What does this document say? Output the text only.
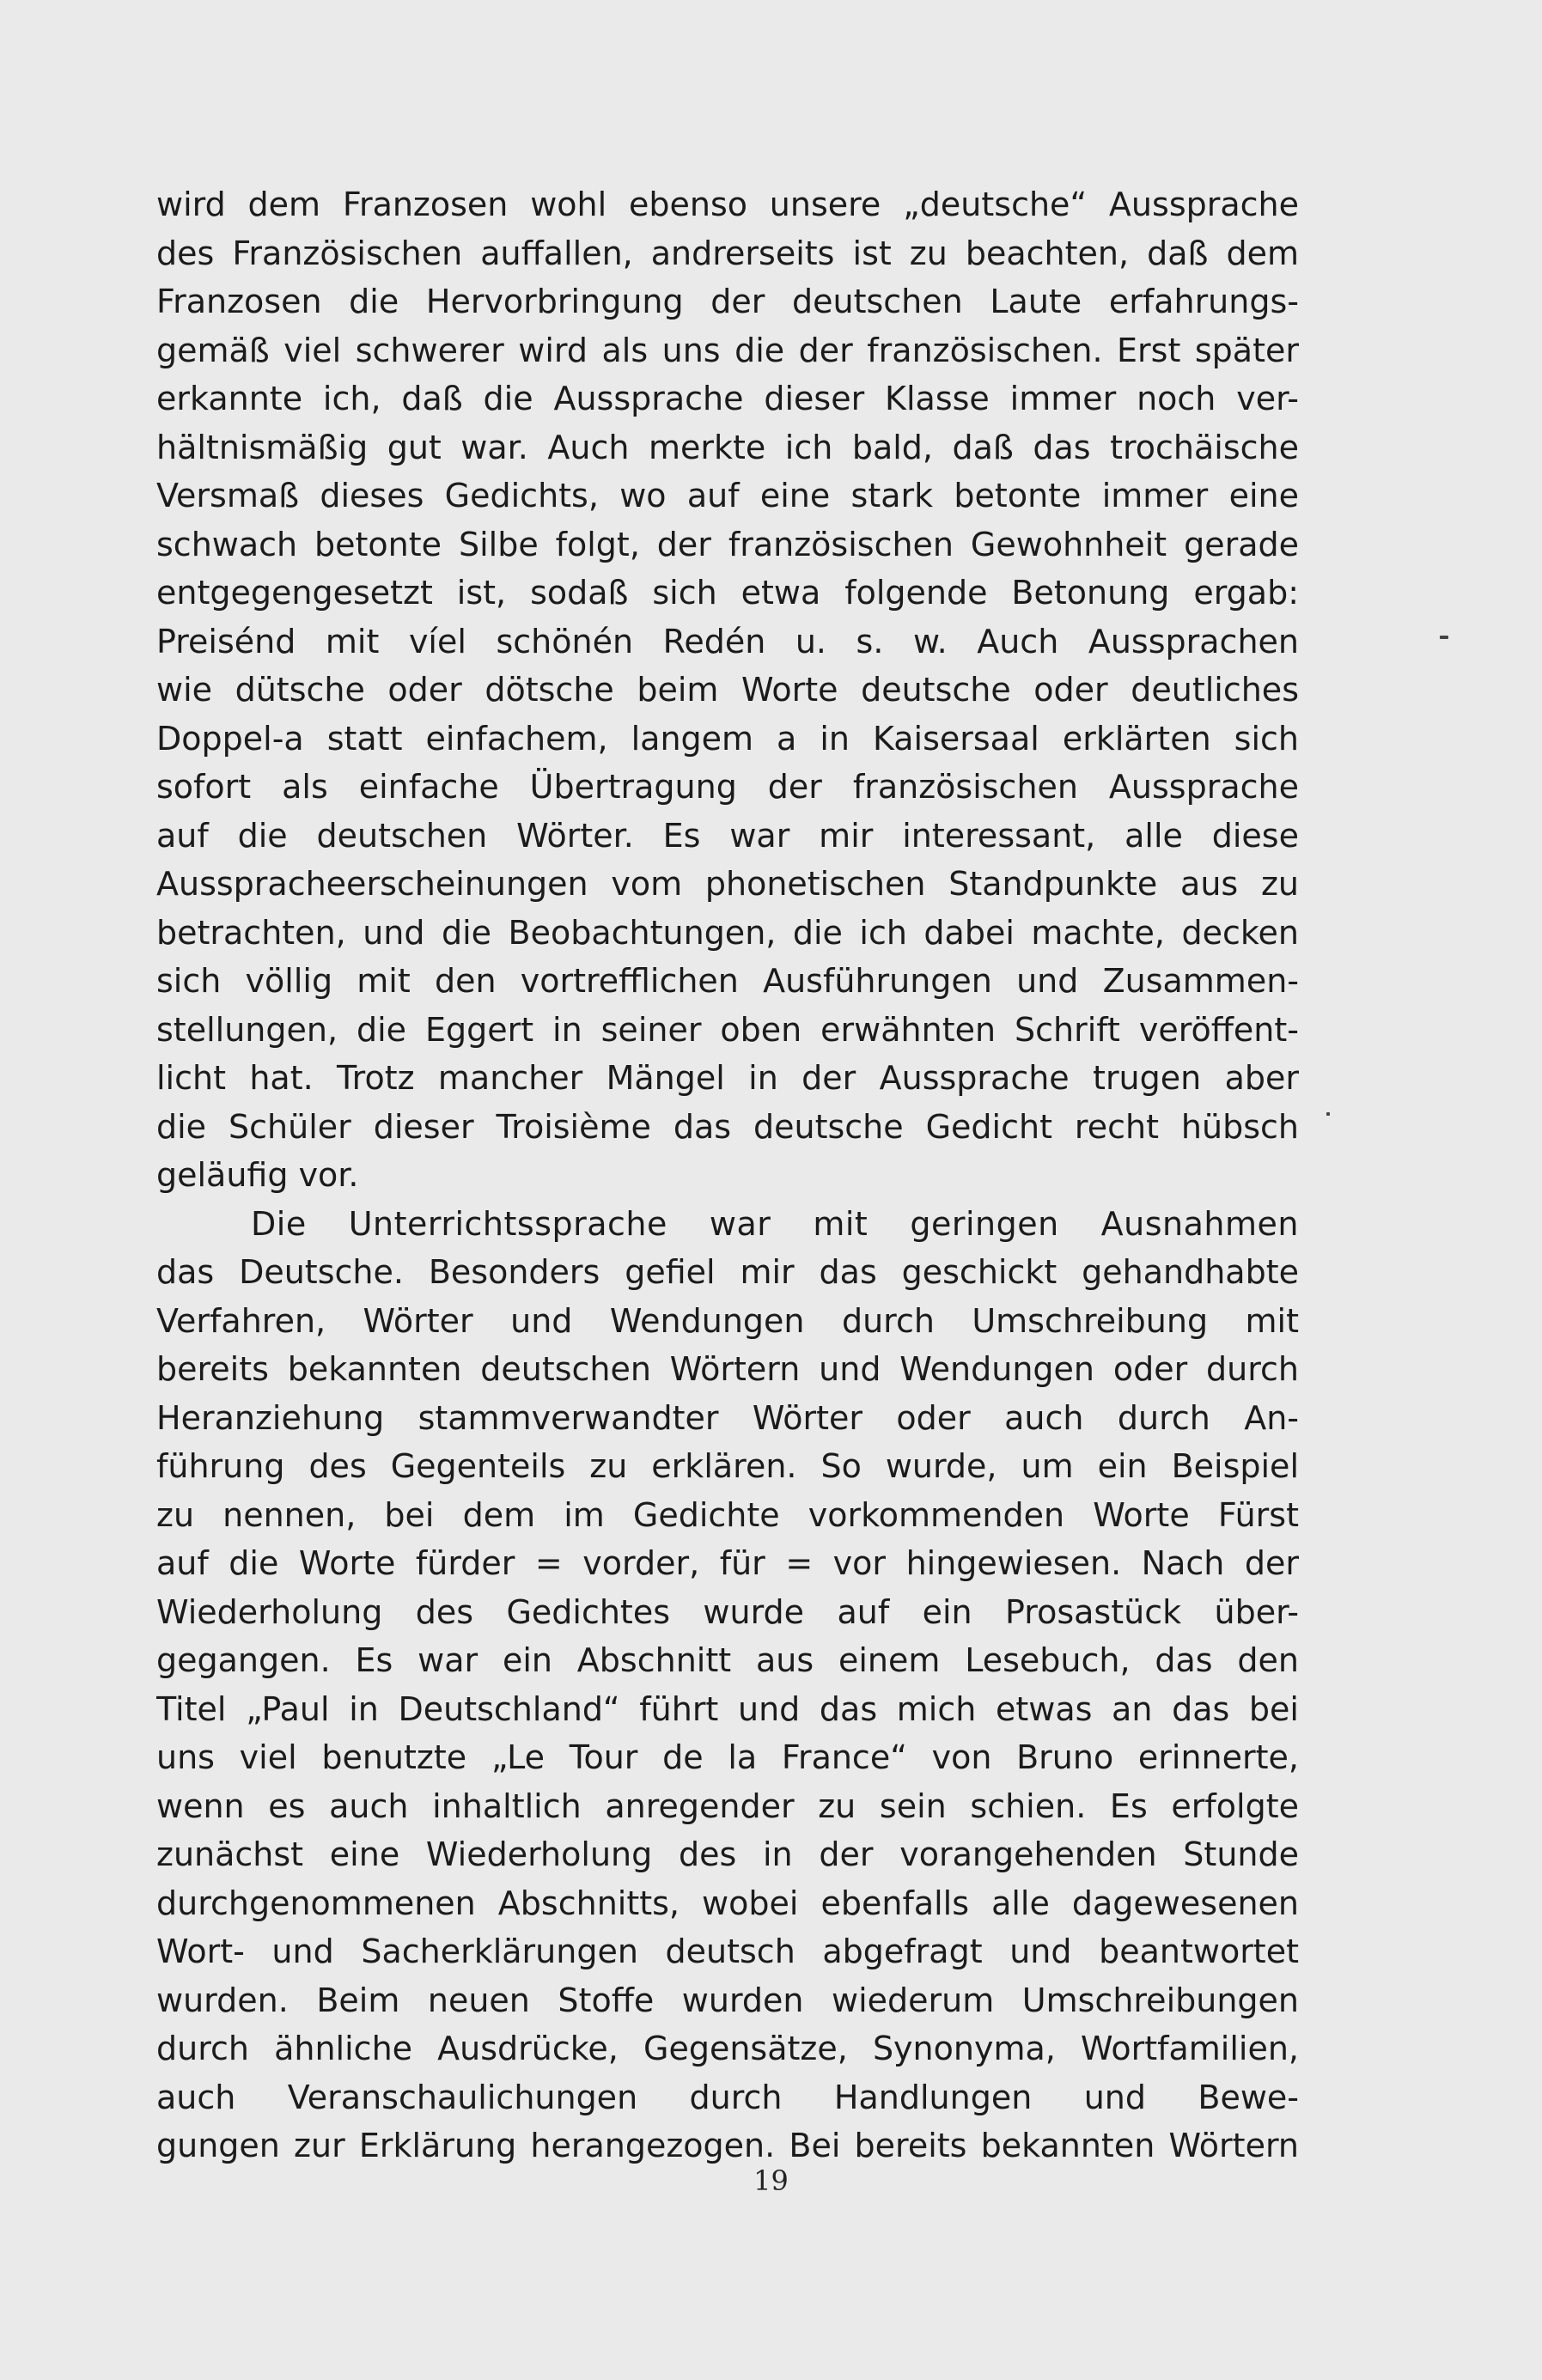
wird dem Franzosen wohl ebenso unsere „deutsche“ Aussprache
des Französischen auffallen, andrerseits ist zu beachten, daß dem
Franzosen die Hervorbringung der deutschen Laute erfahrungs-
gemäß viel schwerer wird als uns die der französischen. Erst später
erkannte ich, daß die Aussprache dieser Klasse immer noch ver-
hältnismäßig gut war. Auch merkte ich bald, daß das trochäische
Versmaß dieses Gedichts, wo auf eine stark betonte immer eine
schwach betonte Silbe folgt, der französischen Gewohnheit gerade
entgegengesetzt ist, sodaß sich etwa folgende Betonung ergab:
Preisénd mit víel schönén Redén u. s. w. Auch Aussprachen
wie dütsche oder dötsche beim Worte deutsche oder deutliches
Doppel-a statt einfachem, langem a in Kaisersaal erklärten sich
sofort als einfache Übertragung der französischen Aussprache
auf die deutschen Wörter. Es war mir interessant, alle diese
Ausspracheerscheinungen vom phonetischen Standpunkte aus zu
betrachten, und die Beobachtungen, die ich dabei machte, decken
sich völlig mit den vortrefflichen Ausführungen und Zusammen-
stellungen, die Eggert in seiner oben erwähnten Schrift veröffent-
licht hat. Trotz mancher Mängel in der Aussprache trugen aber
die Schüler dieser Troisième das deutsche Gedicht recht hübsch
geläufig vor.
Die Unterrichtssprache war mit geringen Ausnahmen
das Deutsche. Besonders gefiel mir das geschickt gehandhabte
Verfahren, Wörter und Wendungen durch Umschreibung mit
bereits bekannten deutschen Wörtern und Wendungen oder durch
Heranziehung stammverwandter Wörter oder auch durch An-
führung des Gegenteils zu erklären. So wurde, um ein Beispiel
zu nennen, bei dem im Gedichte vorkommenden Worte Fürst
auf die Worte fürder = vorder, für = vor hingewiesen. Nach der
Wiederholung des Gedichtes wurde auf ein Prosastück über-
gegangen. Es war ein Abschnitt aus einem Lesebuch, das den
Titel „Paul in Deutschland“ führt und das mich etwas an das bei
uns viel benutzte „Le Tour de la France“ von Bruno erinnerte,
wenn es auch inhaltlich anregender zu sein schien. Es erfolgte
zunächst eine Wiederholung des in der vorangehenden Stunde
durchgenommenen Abschnitts, wobei ebenfalls alle dagewesenen
Wort- und Sacherklärungen deutsch abgefragt und beantwortet
wurden. Beim neuen Stoffe wurden wiederum Umschreibungen
durch ähnliche Ausdrücke, Gegensätze, Synonyma, Wortfamilien,
auch Veranschaulichungen durch Handlungen und Bewe-
gungen zur Erklärung herangezogen. Bei bereits bekannten Wörtern
19
